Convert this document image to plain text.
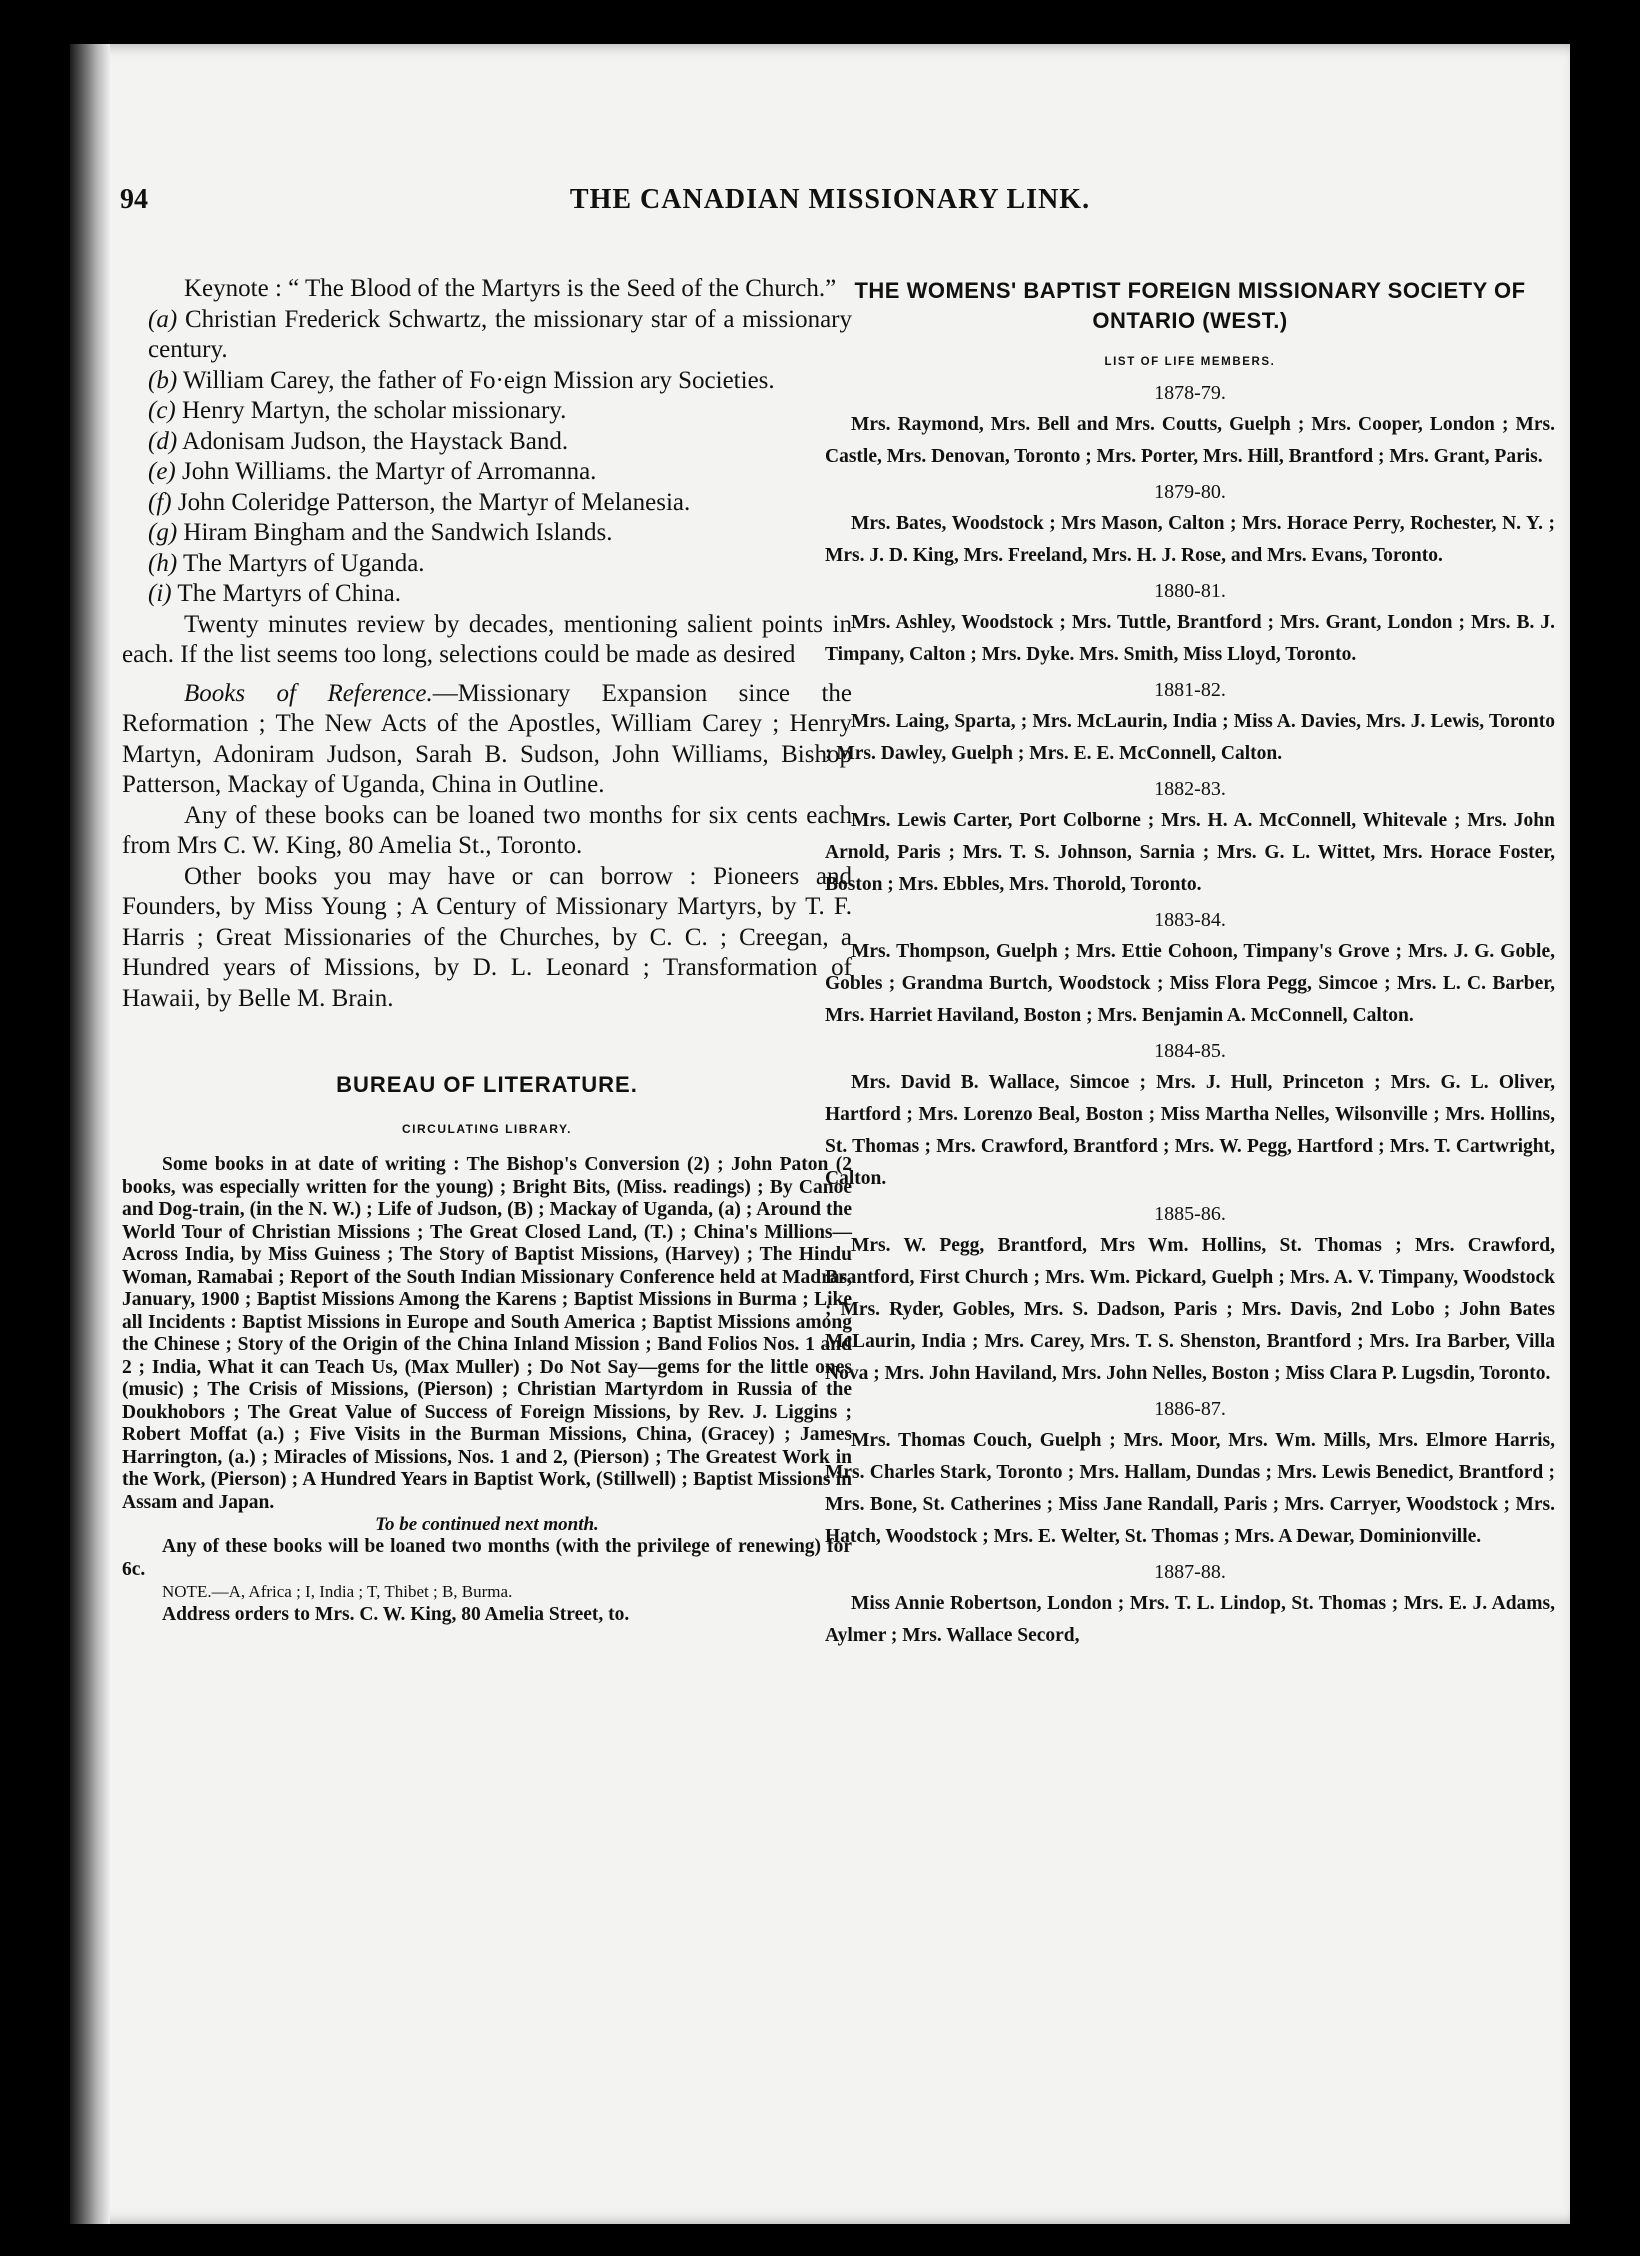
94	THE CANADIAN MISSIONARY LINK.

Keynote : “ The Blood of the Martyrs is the Seed of the Church.”

(a) Christian Frederick Schwartz, the missionary star of a missionary century.

(b) William Carey, the father of Fo·eign Mission ary Societies.

(c) Henry Martyn, the scholar missionary.

(d) Adonisam Judson, the Haystack Band.

(e) John Williams. the Martyr of Arromanna.

(f) John Coleridge Patterson, the Martyr of Melanesia.

(g) Hiram Bingham and the Sandwich Islands.

(h) The Martyrs of Uganda.

(i) The Martyrs of China.

Twenty minutes review by decades, mentioning salient points in each. If the list seems too long, selections could be made as desired

Books of Reference.—Missionary Expansion since the Reformation ; The New Acts of the Apostles, William Carey ; Henry Martyn, Adoniram Judson, Sarah B. Sudson, John Williams, Bishop Patterson, Mackay of Uganda, China in Outline.

Any of these books can be loaned two months for six cents each from Mrs C. W. King, 80 Amelia St., Toronto.

Other books you may have or can borrow : Pioneers and Founders, by Miss Young ; A Century of Missionary Martyrs, by T. F. Harris ; Great Missionaries of the Churches, by C. C. ; Creegan, a Hundred years of Missions, by D. L. Leonard ; Transformation of Hawaii, by Belle M. Brain.

BUREAU OF LITERATURE.
CIRCULATING LIBRARY.

Some books in at date of writing : The Bishop's Conversion (2) ; John Paton (2 books, was especially written for the young) ; Bright Bits, (Miss. readings) ; By Canoe and Dog-train, (in the N. W.) ; Life of Judson, (B) ; Mackay of Uganda, (a) ; Around the World Tour of Christian Missions ; The Great Closed Land, (T.) ; China's Millions—Across India, by Miss Guiness ; The Story of Baptist Missions, (Harvey) ; The Hindu Woman, Ramabai ; Report of the South Indian Missionary Conference held at Madras, January, 1900 ; Baptist Missions Among the Karens ; Baptist Missions in Burma ; Like all Incidents : Baptist Missions in Europe and South America ; Baptist Missions among the Chinese ; Story of the Origin of the China Inland Mission ; Band Folios Nos. 1 and 2 ; India, What it can Teach Us, (Max Muller) ; Do Not Say—gems for the little ones (music) ; The Crisis of Missions, (Pierson) ; Christian Martyrdom in Russia of the Doukhobors ; The Great Value of Success of Foreign Missions, by Rev. J. Liggins ; Robert Moffat (a.) ; Five Visits in the Burman Missions, China, (Gracey) ; James Harrington, (a.) ; Miracles of Missions, Nos. 1 and 2, (Pierson) ; The Greatest Work in the Work, (Pierson) ; A Hundred Years in Baptist Work, (Stillwell) ; Baptist Missions in Assam and Japan.

To be continued next month.

Any of these books will be loaned two months (with the privilege of renewing) for 6c.

NOTE.—A, Africa ; I, India ; T, Thibet ; B, Burma.

Address orders to Mrs. C. W. King, 80 Amelia Street, to.

THE WOMENS' BAPTIST FOREIGN MISSIONARY SOCIETY OF ONTARIO (WEST.)
LIST OF LIFE MEMBERS.
1878-79.

Mrs. Raymond, Mrs. Bell and Mrs. Coutts, Guelph ; Mrs. Cooper, London ; Mrs. Castle, Mrs. Denovan, Toronto ; Mrs. Porter, Mrs. Hill, Brantford ; Mrs. Grant, Paris.

1879-80.

Mrs. Bates, Woodstock ; Mrs Mason, Calton ; Mrs. Horace Perry, Rochester, N. Y. ; Mrs. J. D. King, Mrs. Freeland, Mrs. H. J. Rose, and Mrs. Evans, Toronto.

1880-81.

Mrs. Ashley, Woodstock ; Mrs. Tuttle, Brantford ; Mrs. Grant, London ; Mrs. B. J. Timpany, Calton ; Mrs. Dyke. Mrs. Smith, Miss Lloyd, Toronto.

1881-82.

Mrs. Laing, Sparta, ; Mrs. McLaurin, India ; Miss A. Davies, Mrs. J. Lewis, Toronto ; Mrs. Dawley, Guelph ; Mrs. E. E. McConnell, Calton.

1882-83.

Mrs. Lewis Carter, Port Colborne ; Mrs. H. A. McConnell, Whitevale ; Mrs. John Arnold, Paris ; Mrs. T. S. Johnson, Sarnia ; Mrs. G. L. Wittet, Mrs. Horace Foster, Boston ; Mrs. Ebbles, Mrs. Thorold, Toronto.

1883-84.

Mrs. Thompson, Guelph ; Mrs. Ettie Cohoon, Timpany's Grove ; Mrs. J. G. Goble, Gobles ; Grandma Burtch, Woodstock ; Miss Flora Pegg, Simcoe ; Mrs. L. C. Barber, Mrs. Harriet Haviland, Boston ; Mrs. Benjamin A. McConnell, Calton.

1884-85.

Mrs. David B. Wallace, Simcoe ; Mrs. J. Hull, Princeton ; Mrs. G. L. Oliver, Hartford ; Mrs. Lorenzo Beal, Boston ; Miss Martha Nelles, Wilsonville ; Mrs. Hollins, St. Thomas ; Mrs. Crawford, Brantford ; Mrs. W. Pegg, Hartford ; Mrs. T. Cartwright, Calton.

1885-86.

Mrs. W. Pegg, Brantford, Mrs Wm. Hollins, St. Thomas ; Mrs. Crawford, Brantford, First Church ; Mrs. Wm. Pickard, Guelph ; Mrs. A. V. Timpany, Woodstock ; Mrs. Ryder, Gobles, Mrs. S. Dadson, Paris ; Mrs. Davis, 2nd Lobo ; John Bates McLaurin, India ; Mrs. Carey, Mrs. T. S. Shenston, Brantford ; Mrs. Ira Barber, Villa Nova ; Mrs. John Haviland, Mrs. John Nelles, Boston ; Miss Clara P. Lugsdin, Toronto.

1886-87.

Mrs. Thomas Couch, Guelph ; Mrs. Moor, Mrs. Wm. Mills, Mrs. Elmore Harris, Mrs. Charles Stark, Toronto ; Mrs. Hallam, Dundas ; Mrs. Lewis Benedict, Brantford ; Mrs. Bone, St. Catherines ; Miss Jane Randall, Paris ; Mrs. Carryer, Woodstock ; Mrs. Hatch, Woodstock ; Mrs. E. Welter, St. Thomas ; Mrs. A Dewar, Dominionville.

1887-88.

Miss Annie Robertson, London ; Mrs. T. L. Lindop, St. Thomas ; Mrs. E. J. Adams, Aylmer ; Mrs. Wallace Secord,
